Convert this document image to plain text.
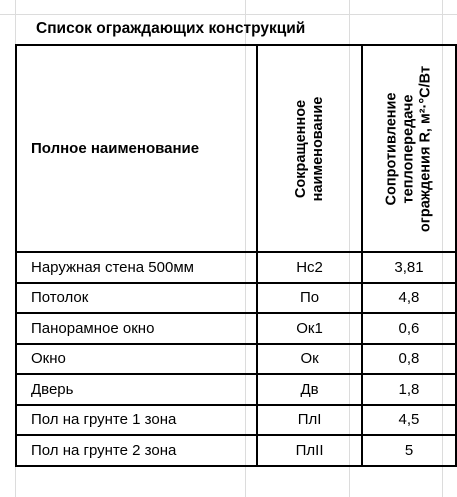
Список ограждающих конструкций
Полное наименование	Сокращенное наименование	Сопротивление теплопередаче ограждения R, м²·°С/Вт

Наружная стена 500мм	Нс2	3,81
Потолок	По	4,8
Панорамное окно	Ок1	0,6
Окно	Ок	0,8
Дверь	Дв	1,8
Пол на грунте 1 зона	ПлI	4,5
Пол на грунте 2 зона	ПлII	5
